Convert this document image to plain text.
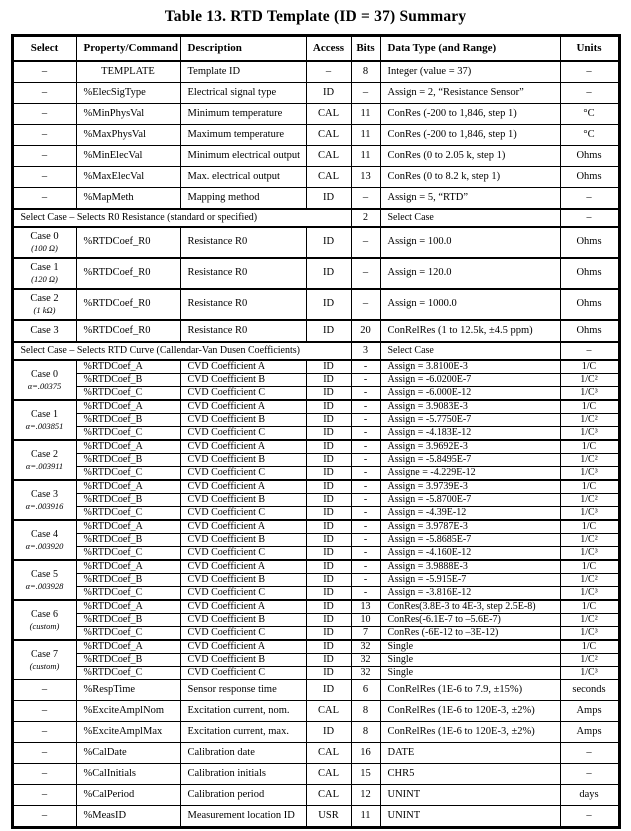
Table 13. RTD Template (ID = 37) Summary
Select	Property/Command	Description	Access	Bits	Data Type (and Range)	Units

–	TEMPLATE	Template ID	–	8	Integer (value = 37)	–

–	%ElecSigType	Electrical signal type	ID	–	Assign = 2, “Resistance Sensor”	–

–	%MinPhysVal	Minimum temperature	CAL	11	ConRes (-200 to 1,846, step 1)	°C

–	%MaxPhysVal	Maximum temperature	CAL	11	ConRes (-200 to 1,846, step 1)	°C

–	%MinElecVal	Minimum electrical output	CAL	11	ConRes (0 to 2.05 k, step 1)	Ohms

–	%MaxElecVal	Max. electrical output	CAL	13	ConRes (0 to 8.2 k, step 1)	Ohms

–	%MapMeth	Mapping method	ID	–	Assign = 5, “RTD”	–
Select Case – Selects R0 Resistance (standard or specified)				2	Select Case	–

Case 0
(100 Ω)	%RTDCoef_R0	Resistance R0	ID	–	Assign = 100.0	Ohms

Case 1
(120 Ω)	%RTDCoef_R0	Resistance R0	ID	–	Assign = 120.0	Ohms

Case 2
(1 kΩ)	%RTDCoef_R0	Resistance R0	ID	–	Assign = 1000.0	Ohms

Case 3	%RTDCoef_R0	Resistance R0	ID	20	ConRelRes (1 to 12.5k, ±4.5 ppm)	Ohms
Select Case – Selects RTD Curve (Callendar-Van Dusen Coefficients)				3	Select Case	–

Case 0
α=.00375	%RTDCoef_A	CVD Coefficient A	ID	-	Assign = 3.8100E-3	1/C
	%RTDCoef_B	CVD Coefficient B	ID	-	Assign = -6.0200E-7	1/C²
	%RTDCoef_C	CVD Coefficient C	ID	-	Assign = -6.000E-12	1/C³

Case 1
α=.003851	%RTDCoef_A	CVD Coefficient A	ID	-	Assign = 3.9083E-3	1/C
	%RTDCoef_B	CVD Coefficient B	ID	-	Assign = -5.7750E-7	1/C²
	%RTDCoef_C	CVD Coefficient C	ID	-	Assign = -4.183E-12	1/C³

Case 2
α=.003911	%RTDCoef_A	CVD Coefficient A	ID	-	Assign = 3.9692E-3	1/C
	%RTDCoef_B	CVD Coefficient B	ID	-	Assign = -5.8495E-7	1/C²
	%RTDCoef_C	CVD Coefficient C	ID	-	Assigne = -4.229E-12	1/C³

Case 3
α=.003916	%RTDCoef_A	CVD Coefficient A	ID	-	Assign = 3.9739E-3	1/C
	%RTDCoef_B	CVD Coefficient B	ID	-	Assign = -5.8700E-7	1/C²
	%RTDCoef_C	CVD Coefficient C	ID	-	Assign = -4.39E-12	1/C³

Case 4
α=.003920	%RTDCoef_A	CVD Coefficient A	ID	-	Assign = 3.9787E-3	1/C
	%RTDCoef_B	CVD Coefficient B	ID	-	Assign = -5.8685E-7	1/C²
	%RTDCoef_C	CVD Coefficient C	ID	-	Assign = -4.160E-12	1/C³

Case 5
α=.003928	%RTDCoef_A	CVD Coefficient A	ID	-	Assign = 3.9888E-3	1/C
	%RTDCoef_B	CVD Coefficient B	ID	-	Assign = -5.915E-7	1/C²
	%RTDCoef_C	CVD Coefficient C	ID	-	Assign = -3.816E-12	1/C³

Case 6
(custom)	%RTDCoef_A	CVD Coefficient A	ID	13	ConRes(3.8E-3 to 4E-3, step 2.5E-8)	1/C
	%RTDCoef_B	CVD Coefficient B	ID	10	ConRes(-6.1E-7 to –5.6E-7)	1/C²
	%RTDCoef_C	CVD Coefficient C	ID	7	ConRes (-6E-12 to –3E-12)	1/C³

Case 7
(custom)	%RTDCoef_A	CVD Coefficient A	ID	32	Single	1/C
	%RTDCoef_B	CVD Coefficient B	ID	32	Single	1/C²
	%RTDCoef_C	CVD Coefficient C	ID	32	Single	1/C³

–	%RespTime	Sensor response time	ID	6	ConRelRes (1E-6 to 7.9, ±15%)	seconds

–	%ExciteAmplNom	Excitation current, nom.	CAL	8	ConRelRes (1E-6 to 120E-3, ±2%)	Amps

–	%ExciteAmplMax	Excitation current, max.	ID	8	ConRelRes (1E-6 to 120E-3, ±2%)	Amps

–	%CalDate	Calibration date	CAL	16	DATE	–

–	%CalInitials	Calibration initials	CAL	15	CHR5	–

–	%CalPeriod	Calibration period	CAL	12	UNINT	days

–	%MeasID	Measurement location ID	USR	11	UNINT	–
